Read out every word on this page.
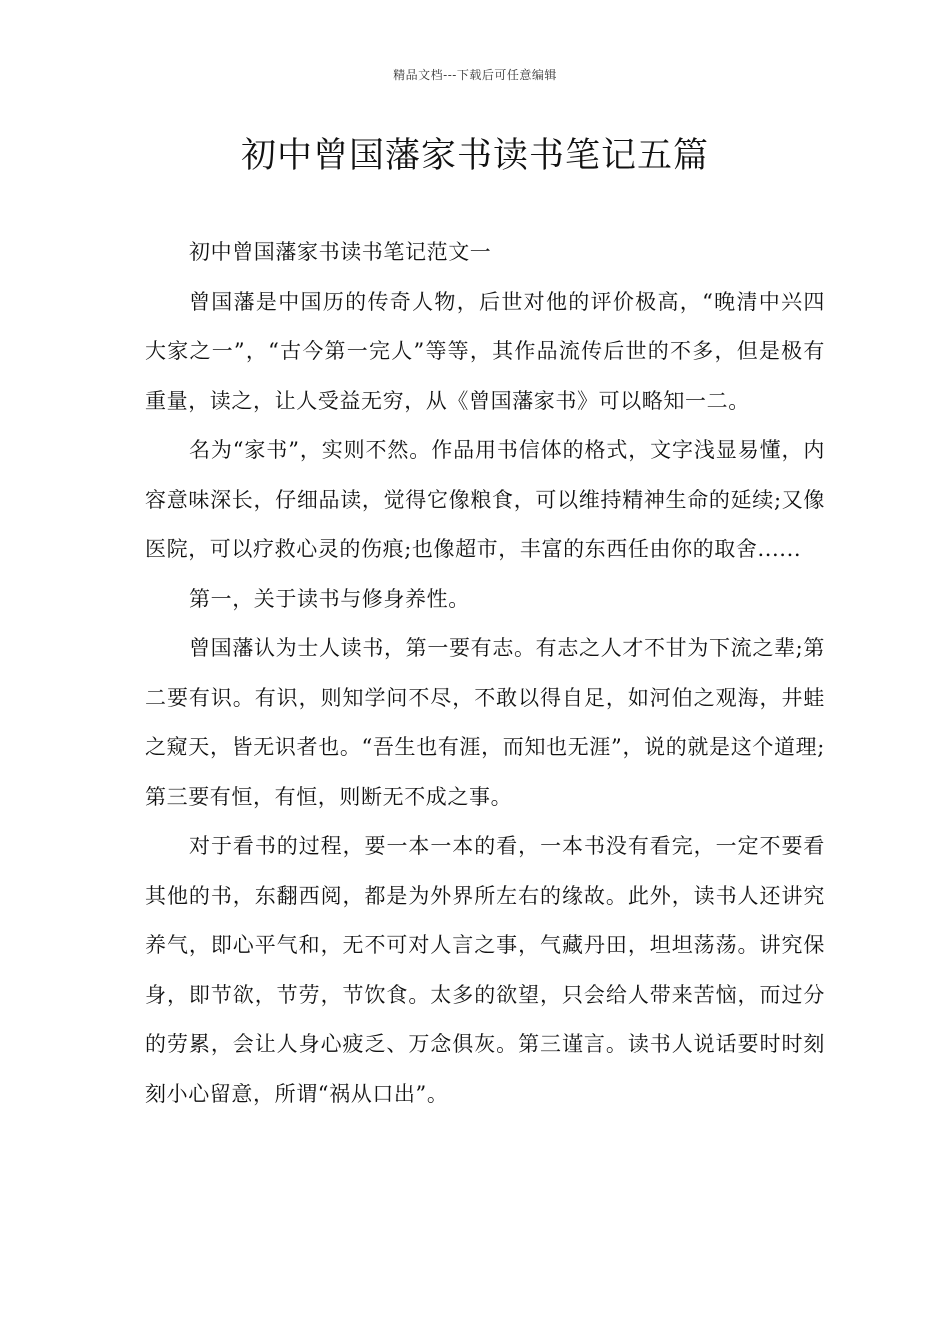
精品文档---下载后可任意编辑
初中曾国藩家书读书笔记五篇

初中曾国藩家书读书笔记范文一

曾国藩是中国历的传奇人物，后世对他的评价极高，“晚清中兴四大家之一”，“古今第一完人”等等，其作品流传后世的不多，但是极有重量，读之，让人受益无穷，从《曾国藩家书》可以略知一二。

名为“家书”，实则不然。作品用书信体的格式，文字浅显易懂，内容意味深长，仔细品读，觉得它像粮食，可以维持精神生命的延续;又像医院，可以疗救心灵的伤痕;也像超市，丰富的东西任由你的取舍......

第一，关于读书与修身养性。

曾国藩认为士人读书，第一要有志。有志之人才不甘为下流之辈;第二要有识。有识，则知学问不尽，不敢以得自足，如河伯之观海，井蛙之窥天，皆无识者也。“吾生也有涯，而知也无涯”，说的就是这个道理;第三要有恒，有恒，则断无不成之事。

对于看书的过程，要一本一本的看，一本书没有看完，一定不要看其他的书，东翻西阅，都是为外界所左右的缘故。此外，读书人还讲究养气，即心平气和，无不可对人言之事，气藏丹田，坦坦荡荡。讲究保身，即节欲，节劳，节饮食。太多的欲望，只会给人带来苦恼，而过分的劳累，会让人身心疲乏、万念俱灰。第三谨言。读书人说话要时时刻刻小心留意，所谓“祸从口出”。
